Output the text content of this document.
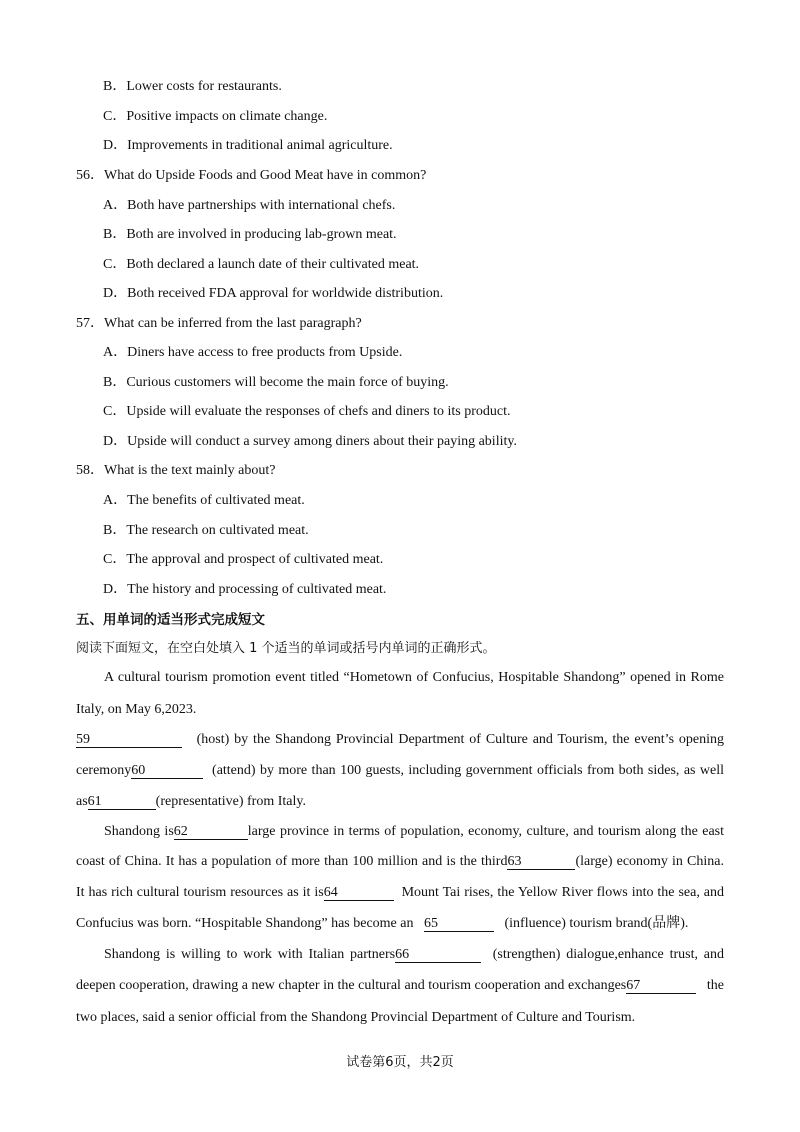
B．Lower costs for restaurants.
C．Positive impacts on climate change.
D．Improvements in traditional animal agriculture.
56．What do Upside Foods and Good Meat have in common?
A．Both have partnerships with international chefs.
B．Both are involved in producing lab-grown meat.
C．Both declared a launch date of their cultivated meat.
D．Both received FDA approval for worldwide distribution.
57．What can be inferred from the last paragraph?
A．Diners have access to free products from Upside.
B．Curious customers will become the main force of buying.
C．Upside will evaluate the responses of chefs and diners to its product.
D．Upside will conduct a survey among diners about their paying ability.
58．What is the text mainly about?
A．The benefits of cultivated meat.
B．The research on cultivated meat.
C．The approval and prospect of cultivated meat.
D．The history and processing of cultivated meat.
五、用单词的适当形式完成短文
阅读下面短文，在空白处填入 1 个适当的单词或括号内单词的正确形式。
A cultural tourism promotion event titled “Hometown of Confucius, Hospitable Shandong” opened in Rome
Italy, on May 6,2023.
59	(host) by the Shandong Provincial Department of Culture and Tourism, the event’s opening
ceremony60	(attend) by more than 100 guests, including government officials from both sides, as well
as61	(representative) from Italy.
Shandong is62	large province in terms of population, economy, culture, and tourism along the east
coast of China. It has a population of more than 100 million and is the third63	(large) economy in China.
It has rich cultural tourism resources as it is64	Mount Tai rises, the Yellow River flows into the sea, and
Confucius was born. “Hospitable Shandong” has become an 65	(influence) tourism brand(品牌).
Shandong is willing to work with Italian partners66	(strengthen) dialogue,enhance trust, and
deepen cooperation, drawing a new chapter in the cultural and tourism cooperation and exchanges67	the
two places, said a senior official from the Shandong Provincial Department of Culture and Tourism.
试卷第6页，共2页
